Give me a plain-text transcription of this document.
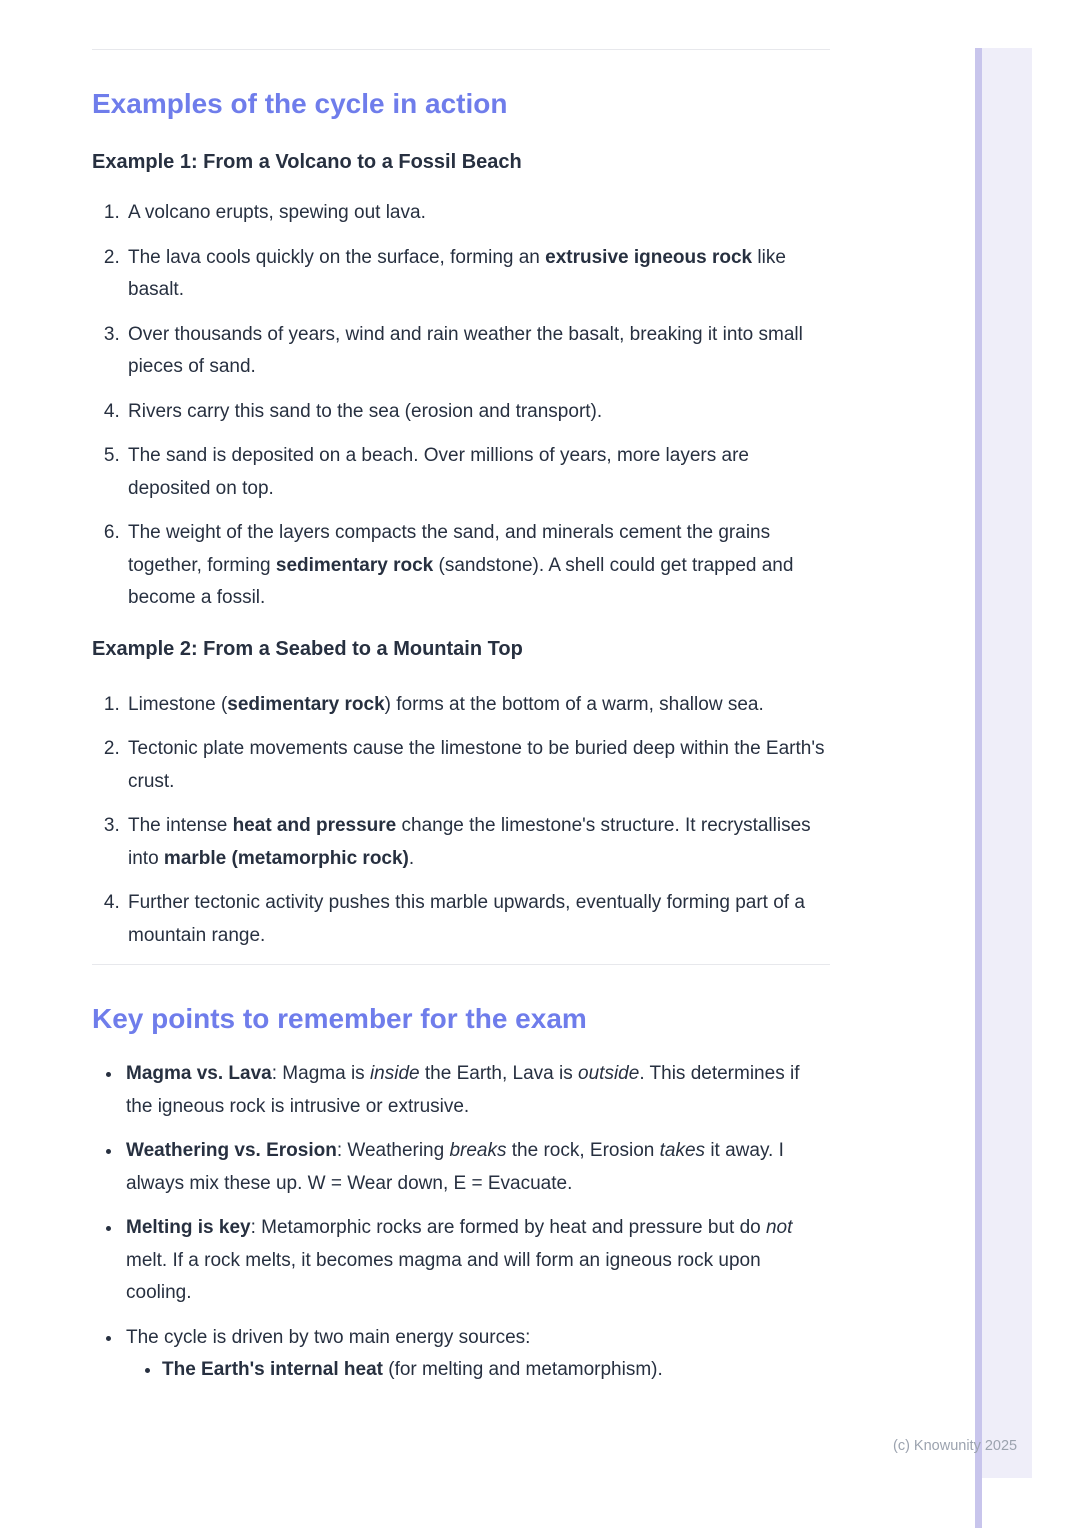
Examples of the cycle in action
Example 1: From a Volcano to a Fossil Beach
1. A volcano erupts, spewing out lava.
2. The lava cools quickly on the surface, forming an extrusive igneous rock like basalt.
3. Over thousands of years, wind and rain weather the basalt, breaking it into small pieces of sand.
4. Rivers carry this sand to the sea (erosion and transport).
5. The sand is deposited on a beach. Over millions of years, more layers are deposited on top.
6. The weight of the layers compacts the sand, and minerals cement the grains together, forming sedimentary rock (sandstone). A shell could get trapped and become a fossil.
Example 2: From a Seabed to a Mountain Top
1. Limestone (sedimentary rock) forms at the bottom of a warm, shallow sea.
2. Tectonic plate movements cause the limestone to be buried deep within the Earth's crust.
3. The intense heat and pressure change the limestone's structure. It recrystallises into marble (metamorphic rock).
4. Further tectonic activity pushes this marble upwards, eventually forming part of a mountain range.
Key points to remember for the exam
• Magma vs. Lava: Magma is inside the Earth, Lava is outside. This determines if the igneous rock is intrusive or extrusive.
• Weathering vs. Erosion: Weathering breaks the rock, Erosion takes it away. I always mix these up. W = Wear down, E = Evacuate.
• Melting is key: Metamorphic rocks are formed by heat and pressure but do not melt. If a rock melts, it becomes magma and will form an igneous rock upon cooling.
• The cycle is driven by two main energy sources:
• The Earth's internal heat (for melting and metamorphism).
(c) Knowunity 2025
